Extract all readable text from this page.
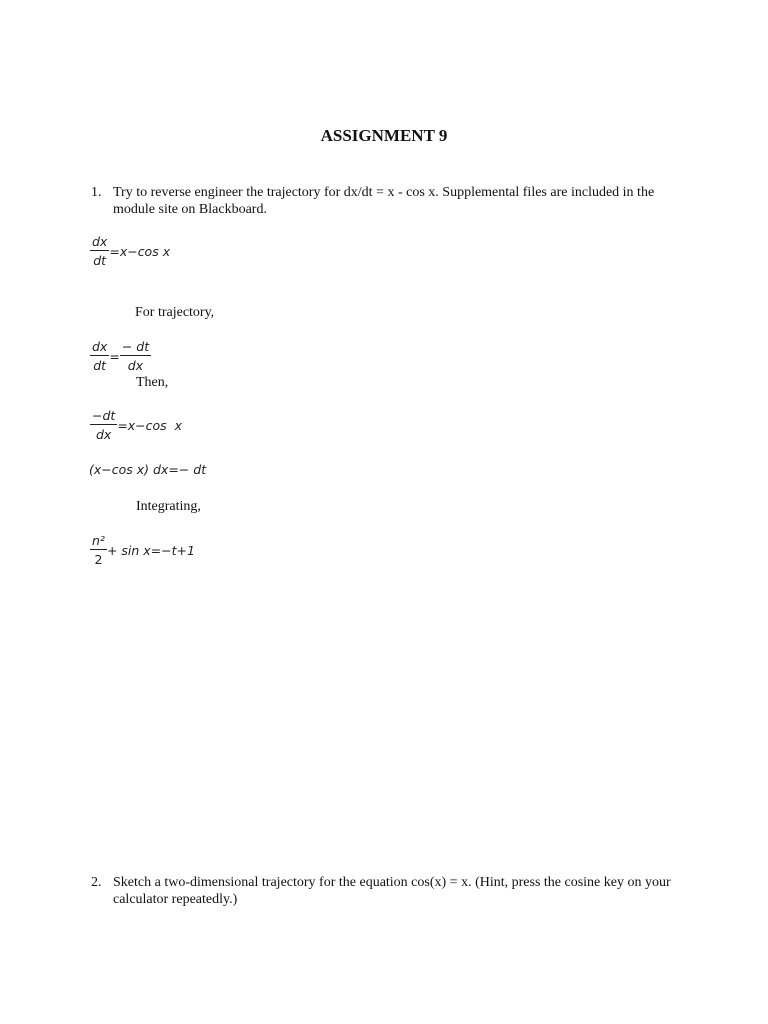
ASSIGNMENT 9
1. Try to reverse engineer the trajectory for dx/dt = x - cos x. Supplemental files are included in the module site on Blackboard.
$\frac{dx}{dt} =x-\cos$ x
For trajectory,
$\frac{dx}{dt} = \frac{- dt}{dx}$
Then,
$\frac{-dt}{dx} =x-\cos$  x
(x−cos x) dx=− dt
Integrating,
$\frac{\text{n²}}{2} + \sin x=-t+1$
2. Sketch a two-dimensional trajectory for the equation cos(x) = x. (Hint, press the cosine key on your calculator repeatedly.)
